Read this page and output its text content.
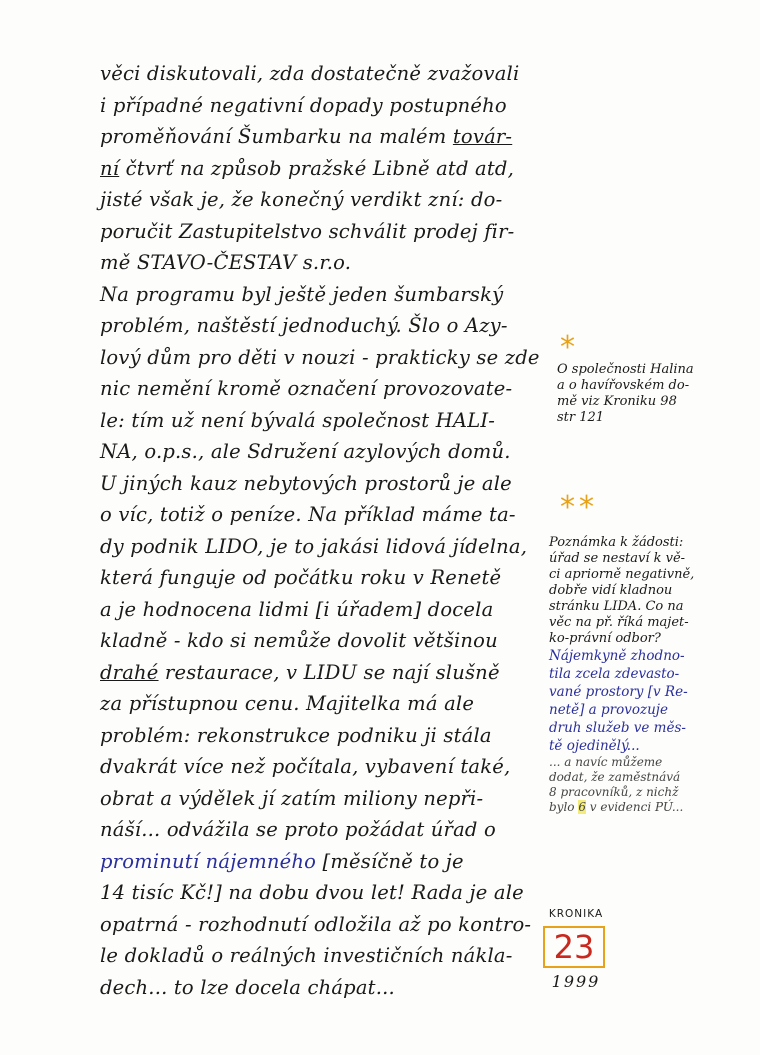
věci diskutovali, zda dostatečně zvažovali
i případné negativní dopady postupného
proměňování Šumbarku na malém továr-
ní čtvrť na způsob pražské Libně atd atd,
jisté však je, že konečný verdikt zní: do-
poručit Zastupitelstvo schválit prodej fir-
mě STAVO-ČESTAV s.r.o.
Na programu byl ještě jeden šumbarský
problém, naštěstí jednoduchý. Šlo o Azy-
lový dům pro děti v nouzi - prakticky se zde
nic nemění kromě označení provozovate-
le: tím už není bývalá společnost HALI-
NA, o.p.s., ale Sdružení azylových domů.
U jiných kauz nebytových prostorů je ale
o víc, totiž o peníze. Na příklad máme ta-
dy podnik LIDO, je to jakási lidová jídelna,
která funguje od počátku roku v Renetě
a je hodnocena lidmi [i úřadem] docela
kladně - kdo si nemůže dovolit většinou
drahé restaurace, v LIDU se nají slušně
za přístupnou cenu. Majitelka má ale
problém: rekonstrukce podniku ji stála
dvakrát více než počítala, vybavení také,
obrat a výdělek jí zatím miliony nepři-
náší... odvážila se proto požádat úřad o
prominutí nájemného [měsíčně to je
14 tisíc Kč!] na dobu dvou let! Rada je ale
opatrná - rozhodnutí odložila až po kontro-
le dokladů o reálných investičních nákla-
dech... to lze docela chápat...
*
O společnosti Halina
a o havířovském do-
mě viz Kroniku 98
str 121
**
Poznámka k žádosti:
úřad se nestaví k vě-
ci apriorně negativně,
dobře vidí kladnou
stránku LIDA. Co na
věc na př. říká majet-
ko-právní odbor?
Nájemkyně zhodno-
tila zcela zdevasto-
vané prostory [v Re-
netě] a provozuje
druh služeb ve měs-
tě ojedinělý...
... a navíc můžeme
dodat, že zaměstnává
8 pracovníků, z nichž
bylo 6 v evidenci PÚ...
KRONIKA
23
1999
